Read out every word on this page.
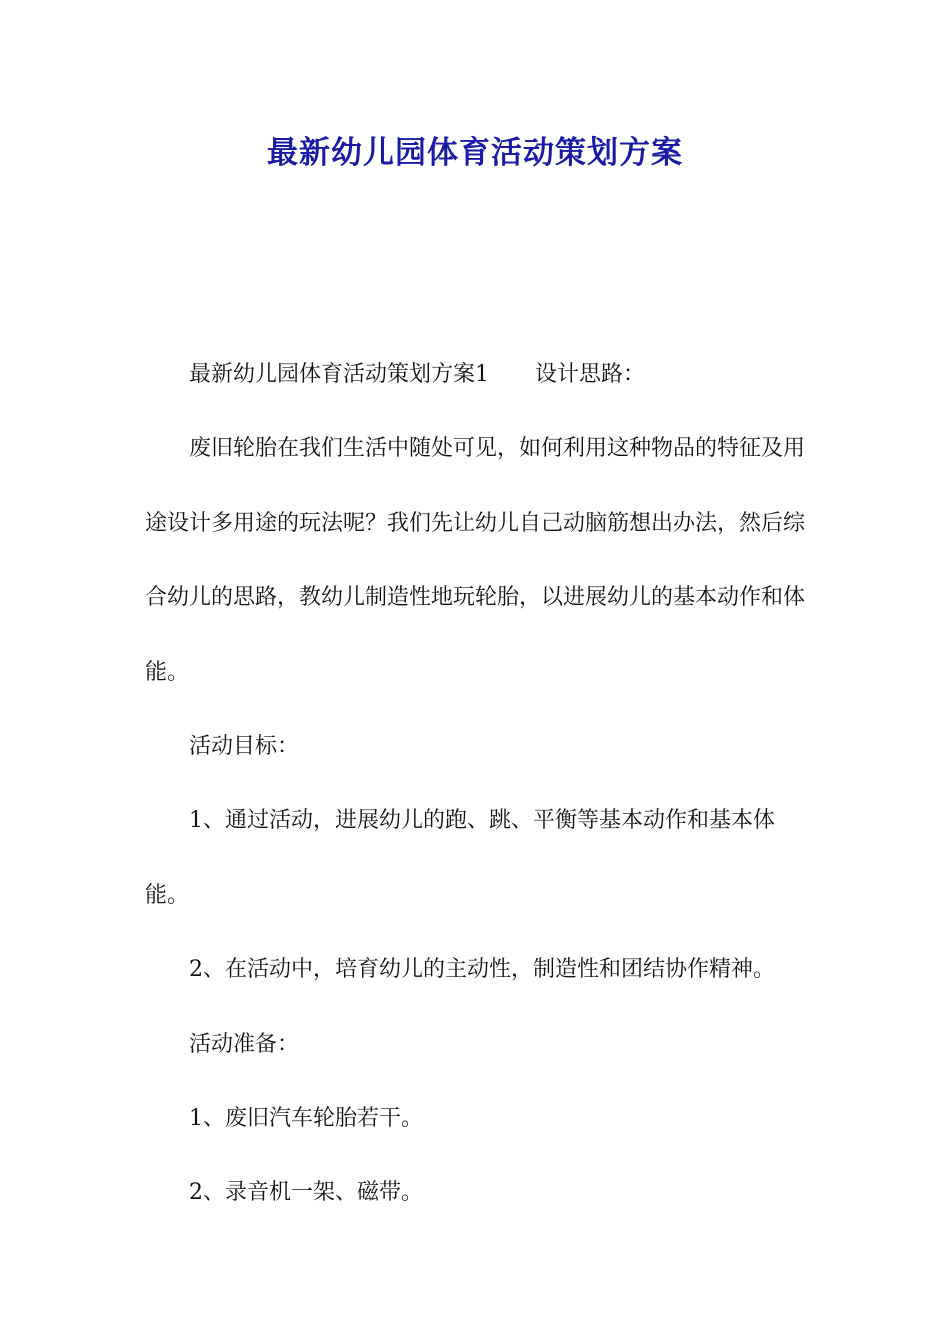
最新幼儿园体育活动策划方案

最新幼儿园体育活动策划方案1 设计思路：

废旧轮胎在我们生活中随处可见，如何利用这种物品的特征及用途设计多用途的玩法呢？我们先让幼儿自己动脑筋想出办法，然后综合幼儿的思路，教幼儿制造性地玩轮胎，以进展幼儿的基本动作和体能。

活动目标：

1、通过活动，进展幼儿的跑、跳、平衡等基本动作和基本体能。

2、在活动中，培育幼儿的主动性，制造性和团结协作精神。

活动准备：

1、废旧汽车轮胎若干。

2、录音机一架、磁带。
